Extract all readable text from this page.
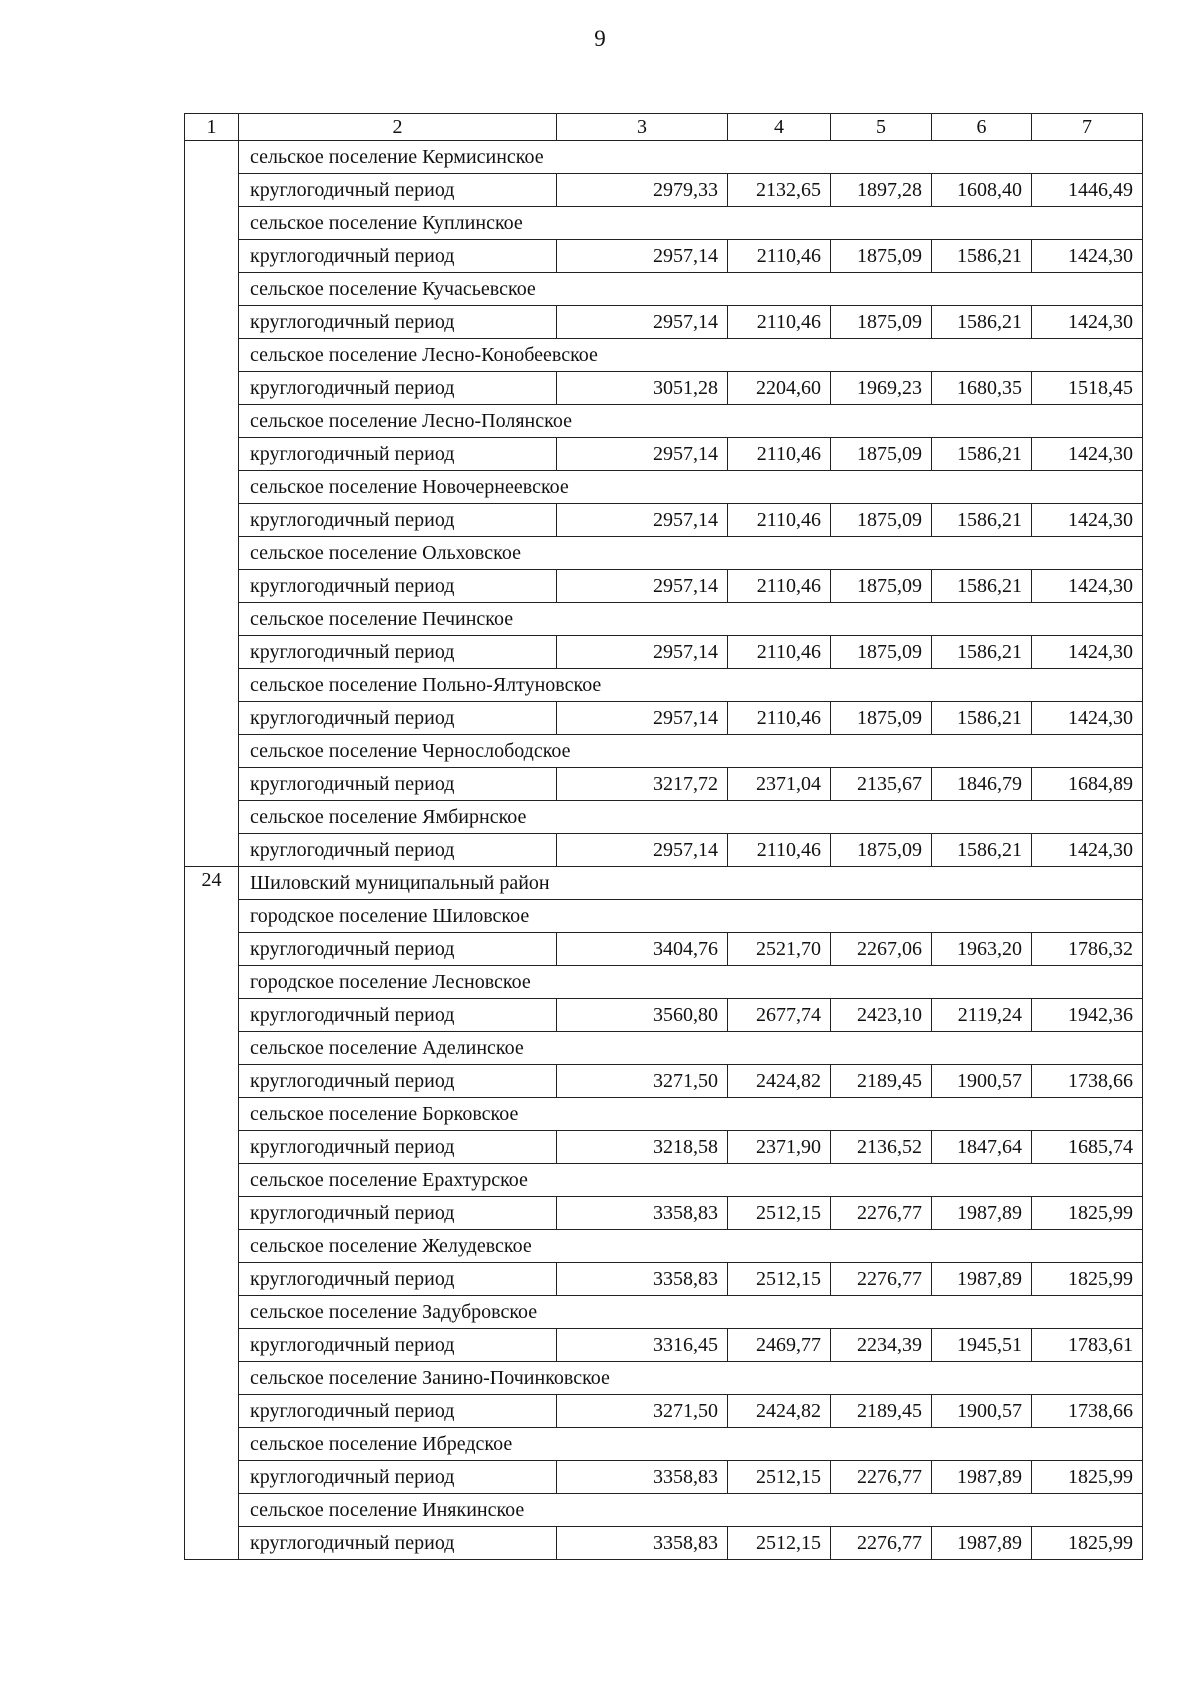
9
1	2	3	4	5	6	7
	сельское поселение Кермисинское					
	круглогодичный период	2979,33	2132,65	1897,28	1608,40	1446,49
	сельское поселение Куплинское					
	круглогодичный период	2957,14	2110,46	1875,09	1586,21	1424,30
	сельское поселение Кучасьевское					
	круглогодичный период	2957,14	2110,46	1875,09	1586,21	1424,30
	сельское поселение Лесно-Конобеевское					
	круглогодичный период	3051,28	2204,60	1969,23	1680,35	1518,45
	сельское поселение Лесно-Полянское					
	круглогодичный период	2957,14	2110,46	1875,09	1586,21	1424,30
	сельское поселение Новочернеевское					
	круглогодичный период	2957,14	2110,46	1875,09	1586,21	1424,30
	сельское поселение Ольховское					
	круглогодичный период	2957,14	2110,46	1875,09	1586,21	1424,30
	сельское поселение Печинское					
	круглогодичный период	2957,14	2110,46	1875,09	1586,21	1424,30
	сельское поселение Польно-Ялтуновское					
	круглогодичный период	2957,14	2110,46	1875,09	1586,21	1424,30
	сельское поселение Чернослободское					
	круглогодичный период	3217,72	2371,04	2135,67	1846,79	1684,89
	сельское поселение Ямбирнское					
	круглогодичный период	2957,14	2110,46	1875,09	1586,21	1424,30
24	Шиловский муниципальный район					
	городское поселение Шиловское					
	круглогодичный период	3404,76	2521,70	2267,06	1963,20	1786,32
	городское поселение Лесновское					
	круглогодичный период	3560,80	2677,74	2423,10	2119,24	1942,36
	сельское поселение Аделинское					
	круглогодичный период	3271,50	2424,82	2189,45	1900,57	1738,66
	сельское поселение Борковское					
	круглогодичный период	3218,58	2371,90	2136,52	1847,64	1685,74
	сельское поселение Ерахтурское					
	круглогодичный период	3358,83	2512,15	2276,77	1987,89	1825,99
	сельское поселение Желудевское					
	круглогодичный период	3358,83	2512,15	2276,77	1987,89	1825,99
	сельское поселение Задубровское					
	круглогодичный период	3316,45	2469,77	2234,39	1945,51	1783,61
	сельское поселение Занино-Починковское					
	круглогодичный период	3271,50	2424,82	2189,45	1900,57	1738,66
	сельское поселение Ибредское					
	круглогодичный период	3358,83	2512,15	2276,77	1987,89	1825,99
	сельское поселение Инякинское					
	круглогодичный период	3358,83	2512,15	2276,77	1987,89	1825,99
